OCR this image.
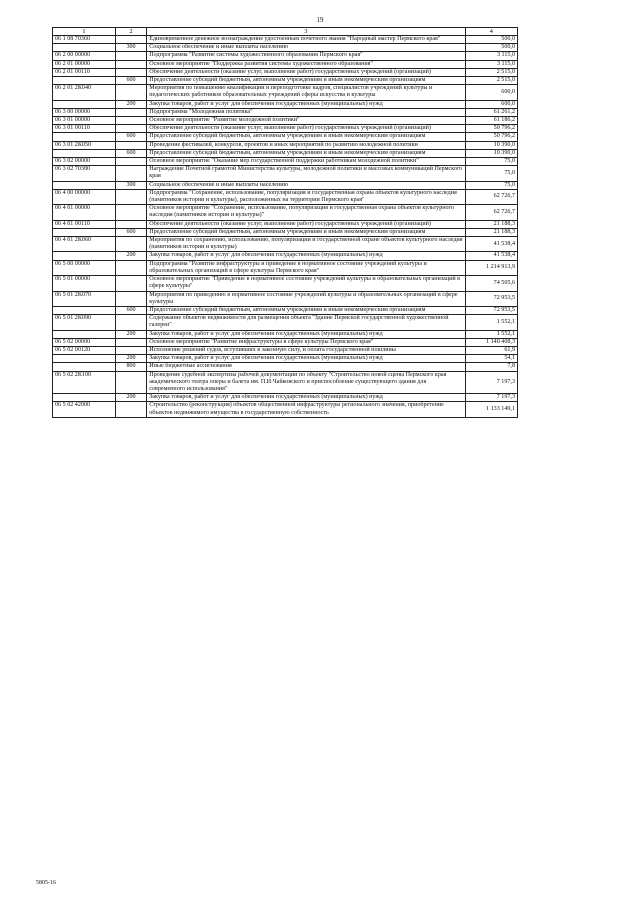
19
1	2	3	4
06 1 08 70360		Единовременное денежное вознаграждение удостоенным почетного звания "Народный мастер Пермского края"	500,0
	300	Социальное обеспечение и иные выплаты населению	500,0
06 2 00 00000		Подпрограмма "Развитие системы художественного образования Пермского края"	3 115,0
06 2 01 00000		Основное мероприятие "Поддержка развития системы художественного образования"	3 115,0
06 2 01 00110		Обеспечение деятельности (оказание услуг, выполнение работ) государственных учреждений (организаций)	2 515,0
	600	Предоставление субсидий бюджетным, автономным учреждениям и иным некоммерческим организациям	2 515,0
06 2 01 2К040		Мероприятия по повышению квалификации и переподготовке кадров, специалистов учреждений культуры и педагогических работников образовательных учреждений сферы искусства и культуры	600,0
	200	Закупка товаров, работ и услуг для обеспечения государственных (муниципальных) нужд	600,0
06 3 00 00000		Подпрограмма "Молодежная политика"	61 261,2
06 3 01 00000		Основное мероприятие "Развитие молодежной политики"	61 186,2
06 3 01 00110		Обеспечение деятельности (оказание услуг, выполнение работ) государственных учреждений (организаций)	50 796,2
	600	Предоставление субсидий бюджетным, автономным учреждениям и иным некоммерческим организациям	50 796,2
06 3 01 2К050		Проведение фестивалей, конкурсов, проектов и иных мероприятий по развитию молодежной политики	10 390,0
	600	Предоставление субсидий бюджетным, автономным учреждениям и иным некоммерческим организациям	10 390,0
06 3 02 00000		Основное мероприятие "Оказание мер государственной поддержки работникам молодежной политики"	75,0
06 3 02 70380		Награждение Почетной грамотой Министерства культуры, молодежной политики и массовых коммуникаций Пермского края	75,0
	300	Социальное обеспечение и иные выплаты населению	75,0
06 4 00 00000		Подпрограмма "Сохранение, использование, популяризация и государственная охрана объектов культурного наследия (памятников истории и культуры), расположенных на территории Пермского края"	62 726,7
06 4 01 00000		Основное мероприятие "Сохранение, использование, популяризация и государственная охрана объектов культурного наследия (памятников истории и культуры)"	62 726,7
06 4 01 00110		Обеспечение деятельности (оказание услуг, выполнение работ) государственных учреждений (организаций)	21 188,3
	600	Предоставление субсидий бюджетным, автономным учреждениям и иным некоммерческим организациям	21 188,3
06 4 01 2К060		Мероприятия по сохранению, использованию, популяризации и государственной охране объектов культурного наследия (памятников истории и культуры)	41 538,4
	200	Закупка товаров, работ и услуг для обеспечения государственных (муниципальных) нужд	41 538,4
06 5 00 00000		Подпрограмма "Развитие инфраструктуры и приведение в нормативное состояние учреждений культуры и образовательных организаций в сфере культуры Пермского края"	1 214 913,9
06 5 01 00000		Основное мероприятие "Приведение в нормативное состояние учреждений культуры и образовательных организаций в сфере культуры"	74 505,6
06 5 01 2К070		Мероприятия по приведению в нормативное состояние учреждений культуры и образовательных организаций в сфере культуры	72 953,5
	600	Предоставление субсидий бюджетным, автономным учреждениям и иным некоммерческим организациям	72 953,5
06 5 01 2К090		Содержание объектов недвижимости для размещения объекта "Здание Пермской государственной художественной галереи"	1 552,1
	200	Закупка товаров, работ и услуг для обеспечения государственных (муниципальных) нужд	1 552,1
06 5 02 00000		Основное мероприятие "Развитие инфраструктуры в сфере культуры Пермского края"	1 140 408,3
06 5 02 00120		Исполнение решений судов, вступивших в законную силу, и оплата государственной пошлины	61,9
	200	Закупка товаров, работ и услуг для обеспечения государственных (муниципальных) нужд	54,1
	800	Иные бюджетные ассигнования	7,8
06 5 02 2К100		Проведение судебной экспертизы рабочей документации по объекту "Строительство новой сцены Пермского края академического театра оперы и балета им. П.И.Чайковского и приспособление существующего здания для современного использования"	7 197,3
	200	Закупка товаров, работ и услуг для обеспечения государственных (муниципальных) нужд	7 197,3
06 5 02 42000		Строительство (реконструкция) объектов общественной инфраструктуры регионального значения, приобретение объектов недвижимого имущества в государственную собственность	1 133 149,1
5805-16
